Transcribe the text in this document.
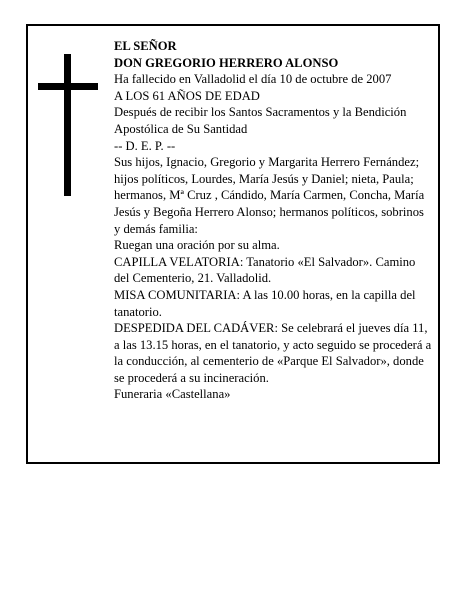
EL SEÑOR

DON GREGORIO HERRERO ALONSO

Ha fallecido en Valladolid el día 10 de octubre de 2007

A LOS 61 AÑOS DE EDAD

Después de recibir los Santos Sacramentos y la Bendición Apostólica de Su Santidad

-- D. E. P. --

Sus hijos, Ignacio, Gregorio y Margarita Herrero Fernández; hijos políticos, Lourdes, María Jesús y Daniel; nieta, Paula; hermanos, Mª Cruz , Cándido, María Carmen, Concha, María Jesús y Begoña Herrero Alonso; hermanos políticos, sobrinos y demás familia:

Ruegan una oración por su alma.

CAPILLA VELATORIA: Tanatorio «El Salvador». Camino del Cementerio, 21. Valladolid.

MISA COMUNITARIA: A las 10.00 horas, en la capilla del tanatorio.

DESPEDIDA DEL CADÁVER: Se celebrará el jueves día 11, a las 13.15 horas, en el tanatorio, y acto seguido se procederá a la conducción, al cementerio de «Parque El Salvador», donde se procederá a su incineración.

Funeraria «Castellana»
